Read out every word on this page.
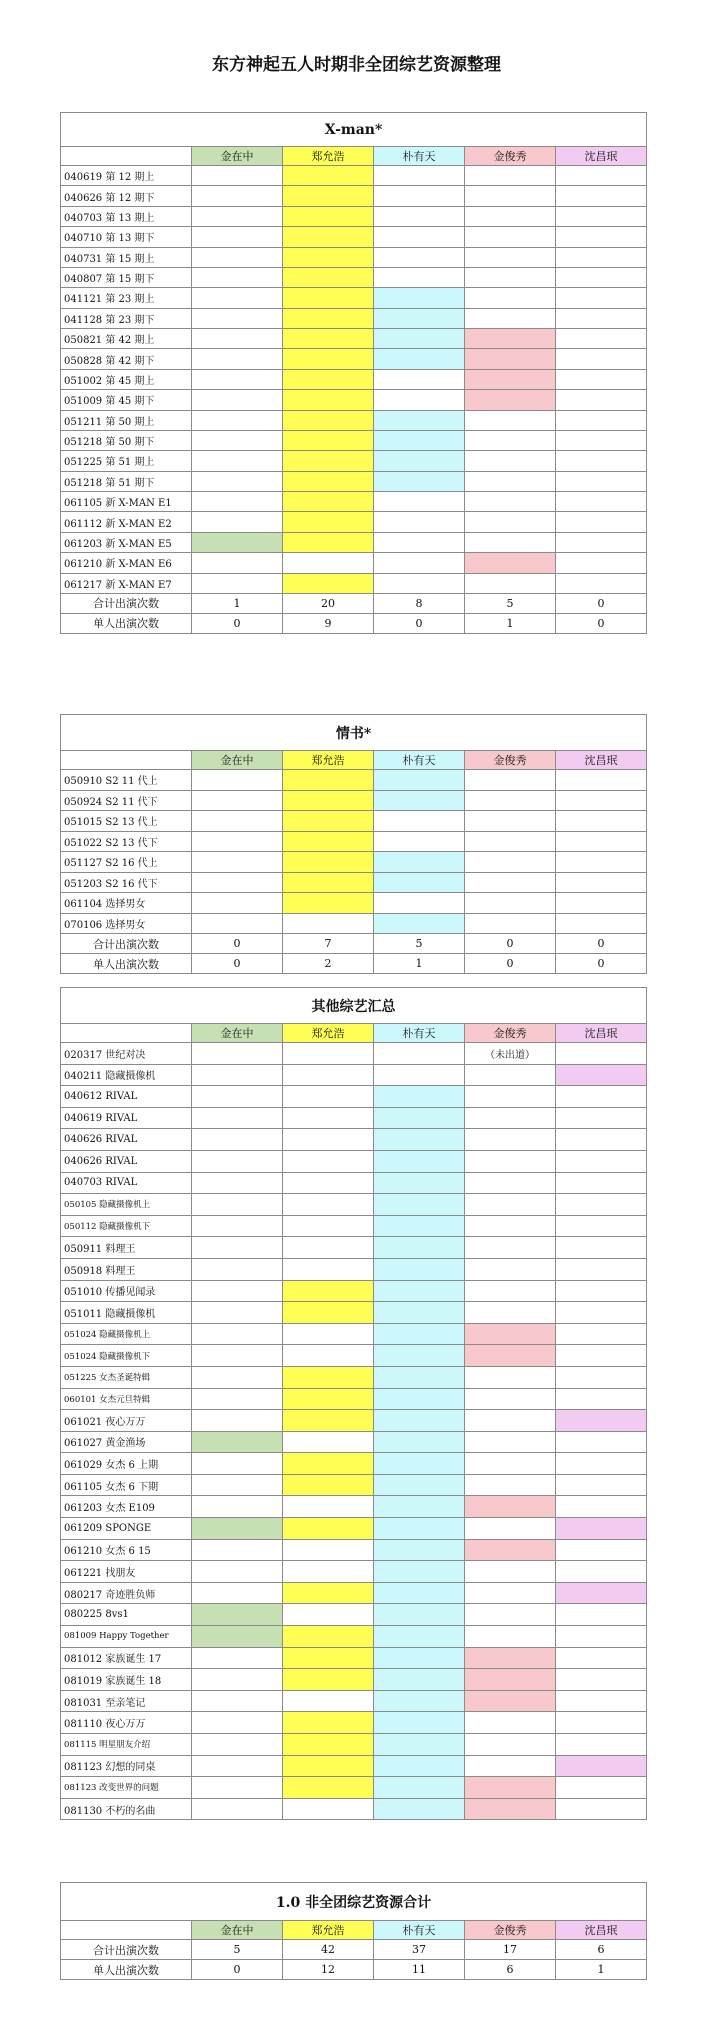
东方神起五人时期非全团综艺资源整理
X-man*					
	金在中	郑允浩	朴有天	金俊秀	沈昌珉
040619 第 12 期上					
040626 第 12 期下					
040703 第 13 期上					
040710 第 13 期下					
040731 第 15 期上					
040807 第 15 期下					
041121 第 23 期上					
041128 第 23 期下					
050821 第 42 期上					
050828 第 42 期下					
051002 第 45 期上					
051009 第 45 期下					
051211 第 50 期上					
051218 第 50 期下					
051225 第 51 期上					
051218 第 51 期下					
061105 新 X-MAN E1					
061112 新 X-MAN E2					
061203 新 X-MAN E5					
061210 新 X-MAN E6					
061217 新 X-MAN E7					
合计出演次数	1	20	8	5	0
单人出演次数	0	9	0	1	0
情书*					
	金在中	郑允浩	朴有天	金俊秀	沈昌珉
050910 S2 11 代上					
050924 S2 11 代下					
051015 S2 13 代上					
051022 S2 13 代下					
051127 S2 16 代上					
051203 S2 16 代下					
061104 选择男女					
070106 选择男女					
合计出演次数	0	7	5	0	0
单人出演次数	0	2	1	0	0
其他综艺汇总					
	金在中	郑允浩	朴有天	金俊秀	沈昌珉
020317 世纪对决				（未出道）	
040211 隐藏摄像机					
040612 RIVAL					
040619 RIVAL					
040626 RIVAL					
040626 RIVAL					
040703 RIVAL					
050105 隐藏摄像机上					
050112 隐藏摄像机下					
050911 料理王					
050918 料理王					
051010 传播见闻录					
051011 隐藏摄像机					
051024 隐藏摄像机上					
051024 隐藏摄像机下					
051225 女杰圣诞特辑					
060101 女杰元旦特辑					
061021 夜心万万					
061027 黄金渔场					
061029 女杰 6 上期					
061105 女杰 6 下期					
061203 女杰 E109					
061209 SPONGE					
061210 女杰 6 15					
061221 找朋友					
080217 奇迹胜负师					
080225 8vs1					
081009 Happy Together					
081012 家族诞生 17					
081019 家族诞生 18					
081031 至亲笔记					
081110 夜心万万					
081115 明星朋友介绍					
081123 幻想的同桌					
081123 改变世界的问题					
081130 不朽的名曲					
1.0 非全团综艺资源合计					
	金在中	郑允浩	朴有天	金俊秀	沈昌珉
合计出演次数	5	42	37	17	6
单人出演次数	0	12	11	6	1
